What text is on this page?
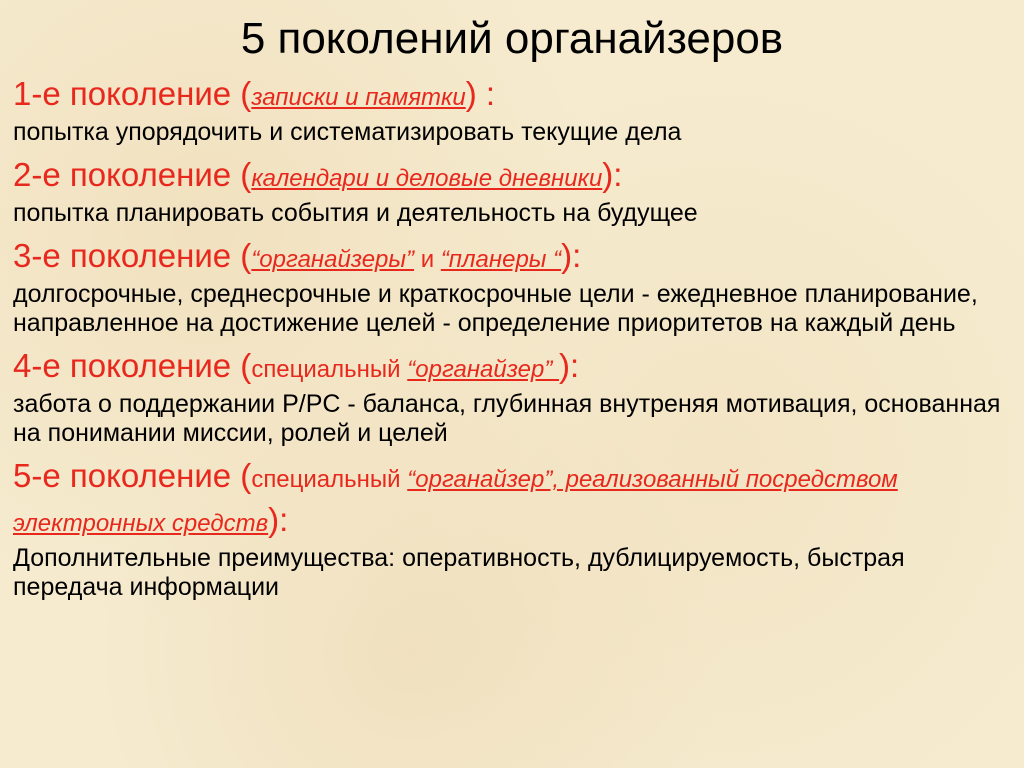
5 поколений органайзеров

1-е поколение (записки и памятки) :

попытка упорядочить и систематизировать текущие дела

2-е поколение (календари и деловые дневники):

попытка планировать события и деятельность на будущее

3-е поколение (“органайзеры” и “планеры “):

долгосрочные, среднесрочные и краткосрочные цели - ежедневное планирование, направленное на достижение целей - определение приоритетов на каждый день

4-е поколение (специальный “органайзер” ):

забота о поддержании P/PC - баланса, глубинная внутреняя мотивация, основанная на понимании миссии, ролей и целей

5-е поколение (специальный “органайзер”, реализованный посредством электронных средств):

Дополнительные преимущества: оперативность, дублицируемость, быстрая передача информации
